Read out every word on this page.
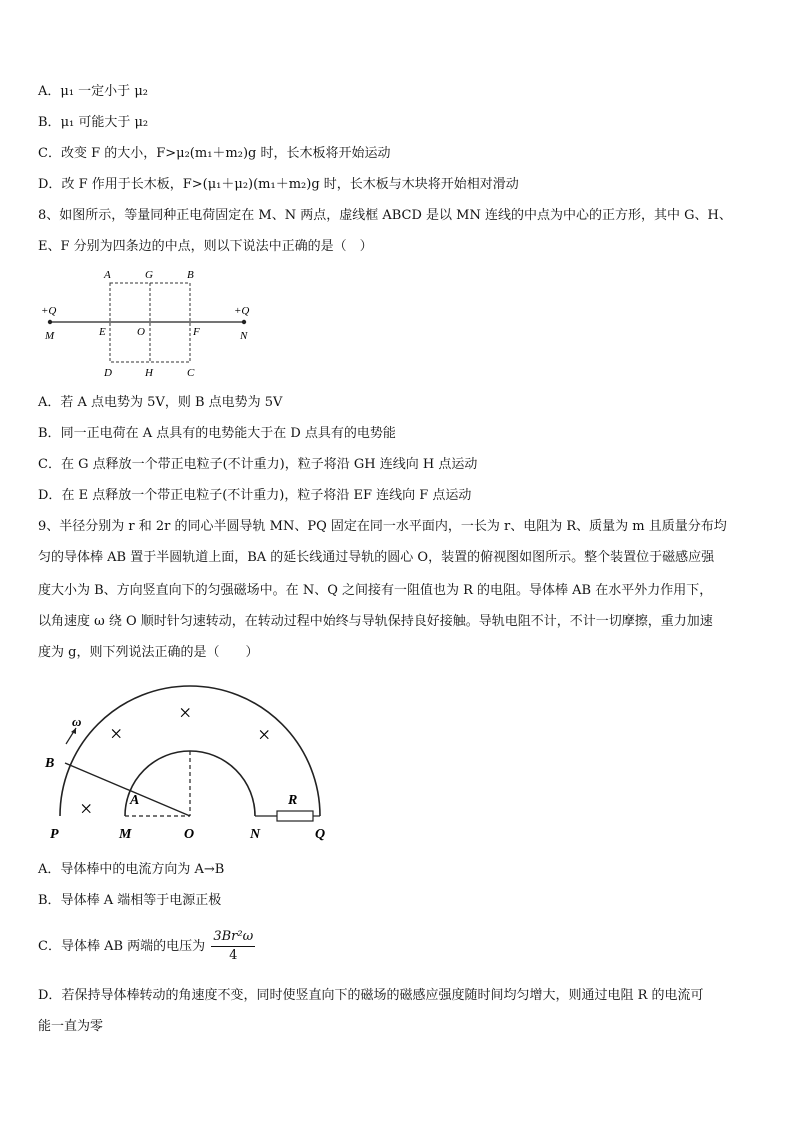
A．μ₁ 一定小于 μ₂
B．μ₁ 可能大于 μ₂
C．改变 F 的大小，F>μ₂(m₁＋m₂)g 时，长木板将开始运动
D．改 F 作用于长木板，F>(μ₁＋μ₂)(m₁＋m₂)g 时，长木板与木块将开始相对滑动
8、如图所示，等量同种正电荷固定在 M、N 两点，虚线框 ABCD 是以 MN 连线的中点为中心的正方形，其中 G、H、
E、F 分别为四条边的中点，则以下说法中正确的是（　）
+Q	+Q
A	G	B
M	E	O	F	N
D	H	C
A．若 A 点电势为 5V，则 B 点电势为 5V
B．同一正电荷在 A 点具有的电势能大于在 D 点具有的电势能
C．在 G 点释放一个带正电粒子(不计重力)，粒子将沿 GH 连线向 H 点运动
D．在 E 点释放一个带正电粒子(不计重力)，粒子将沿 EF 连线向 F 点运动
9、半径分别为 r 和 2r 的同心半圆导轨 MN、PQ 固定在同一水平面内，一长为 r、电阻为 R、质量为 m 且质量分布均
匀的导体棒 AB 置于半圆轨道上面，BA 的延长线通过导轨的圆心 O，装置的俯视图如图所示。整个装置位于磁感应强
度大小为 B、方向竖直向下的匀强磁场中。在 N、Q 之间接有一阻值也为 R 的电阻。导体棒 AB 在水平外力作用下，
以角速度 ω 绕 O 顺时针匀速转动，在转动过程中始终与导轨保持良好接触。导轨电阻不计，不计一切摩擦，重力加速
度为 g，则下列说法正确的是（　　）
×
×
×
×
ω
B
A
P	M	O	N	Q
R
A．导体棒中的电流方向为 A→B
B．导体棒 A 端相等于电源正极
C．导体棒 AB 两端的电压为 $\frac{\text{3Br²ω}}{4}$
D．若保持导体棒转动的角速度不变，同时使竖直向下的磁场的磁感应强度随时间均匀增大，则通过电阻 R 的电流可
能一直为零
